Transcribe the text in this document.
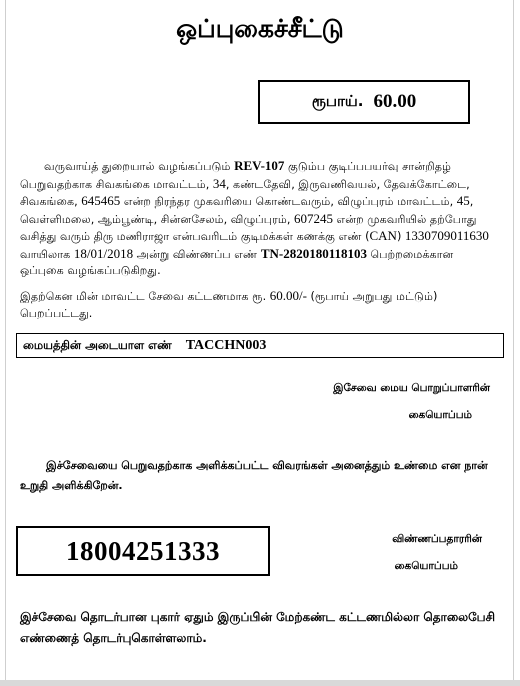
ஒப்புகைச்சீட்டு
ரூபாய். 60.00
வருவாய்த் துறையால் வழங்கப்படும் REV-107 குடும்ப குடிப்பபயர்வு சான்றிதழ் பெறுவதற்காக சிவகங்கை மாவட்டம், 34, கண்டதேவி, இருவணிவயல், தேவக்கோட்டை, சிவகங்கை, 645465 என்ற நிரந்தர முகவரியை கொண்டவரும், விழுப்புரம் மாவட்டம், 45, வெள்ளிமலை, ஆம்பூண்டி, சின்னசேலம், விழுப்புரம், 607245 என்ற முகவரியில் தற்போது வசித்து வரும் திரு மணிராஜா என்பவரிடம் குடிமக்கள் கணக்கு எண் (CAN) 1330709011630 வாயிலாக 18/01/2018 அன்று விண்ணப்ப எண் TN-2820180118103 பெற்றமைக்கான ஒப்புகை வழங்கப்படுகிறது.
இதற்கென மின் மாவட்ட சேவை கட்டணமாக ரூ. 60.00/- (ரூபாய் அறுபது மட்டும்) பெறப்பட்டது.
மையத்தின் அடையாள எண் TACCHN003
இசேவை மைய பொறுப்பாளரின்
கையொப்பம்
இச்சேவையை பெறுவதற்காக அளிக்கப்பட்ட விவரங்கள் அனைத்தும் உண்மை என நான் உறுதி அளிக்கிறேன்.
18004251333	விண்ணப்பதாரரின்
கையொப்பம்
இச்சேவை தொடர்பான புகார் ஏதும் இருப்பின் மேற்கண்ட கட்டணமில்லா தொலைபேசி எண்ணைத் தொடர்புகொள்ளலாம்.
